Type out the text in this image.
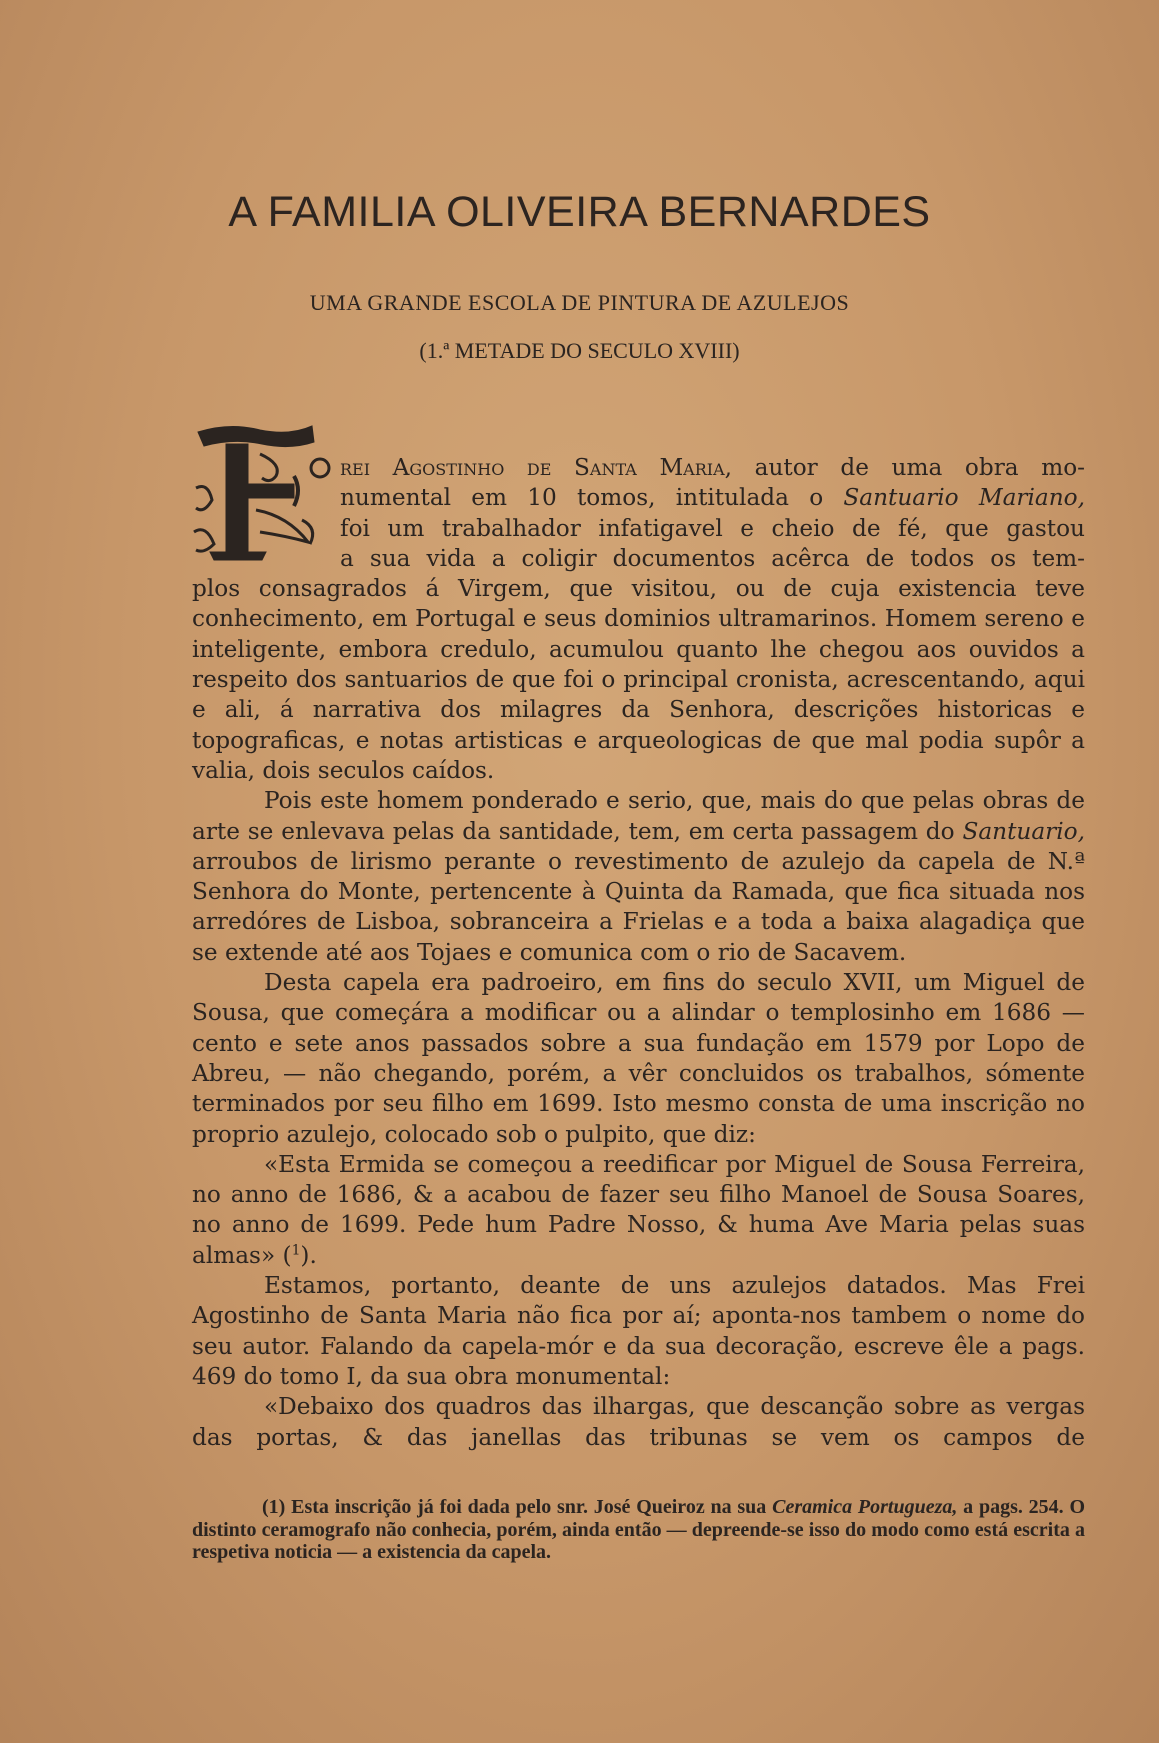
A FAMILIA OLIVEIRA BERNARDES
UMA GRANDE ESCOLA DE PINTURA DE AZULEJOS
(1.ª METADE DO SECULO XVIII)

rei Agostinho de Santa Maria, autor de uma obra mo-

numental em 10 tomos, intitulada o Santuario Mariano,

foi um trabalhador infatigavel e cheio de fé, que gastou

a sua vida a coligir documentos acêrca de todos os tem-

plos consagrados á Virgem, que visitou, ou de cuja existencia teve conhecimento, em Portugal e seus dominios ultramarinos. Homem sereno e inteligente, embora credulo, acumulou quanto lhe chegou aos ouvidos a respeito dos santuarios de que foi o principal cronista, acrescentando, aqui e ali, á narrativa dos milagres da Senhora, descrições historicas e topograficas, e notas artisticas e arqueologicas de que mal podia supôr a valia, dois seculos caídos.

Pois este homem ponderado e serio, que, mais do que pelas obras de arte se enlevava pelas da santidade, tem, em certa passagem do Santuario, arroubos de lirismo perante o revestimento de azulejo da capela de N.ª Senhora do Monte, pertencente à Quinta da Ramada, que fica situada nos arredóres de Lisboa, sobranceira a Frielas e a toda a baixa alagadiça que se extende até aos Tojaes e comunica com o rio de Sacavem.

Desta capela era padroeiro, em fins do seculo XVII, um Miguel de Sousa, que começára a modificar ou a alindar o templosinho em 1686 — cento e sete anos passados sobre a sua fundação em 1579 por Lopo de Abreu, — não chegando, porém, a vêr concluidos os trabalhos, sómente terminados por seu filho em 1699. Isto mesmo consta de uma inscrição no proprio azulejo, colocado sob o pulpito, que diz:

«Esta Ermida se começou a reedificar por Miguel de Sousa Ferreira, no anno de 1686, & a acabou de fazer seu filho Manoel de Sousa Soares, no anno de 1699. Pede hum Padre Nosso, & huma Ave Maria pelas suas almas» ($^1$).

Estamos, portanto, deante de uns azulejos datados. Mas Frei Agostinho de Santa Maria não fica por aí; aponta-nos tambem o nome do seu autor. Falando da capela-mór e da sua decoração, escreve êle a pags. 469 do tomo I, da sua obra monumental:

«Debaixo dos quadros das ilhargas, que descanção sobre as vergas das portas, & das janellas das tribunas se vem os campos de

(1) Esta inscrição já foi dada pelo snr. José Queiroz na sua Ceramica Portugueza, a pags. 254. O distinto ceramografo não conhecia, porém, ainda então — depreende-se isso do modo como está escrita a respetiva noticia — a existencia da capela.
